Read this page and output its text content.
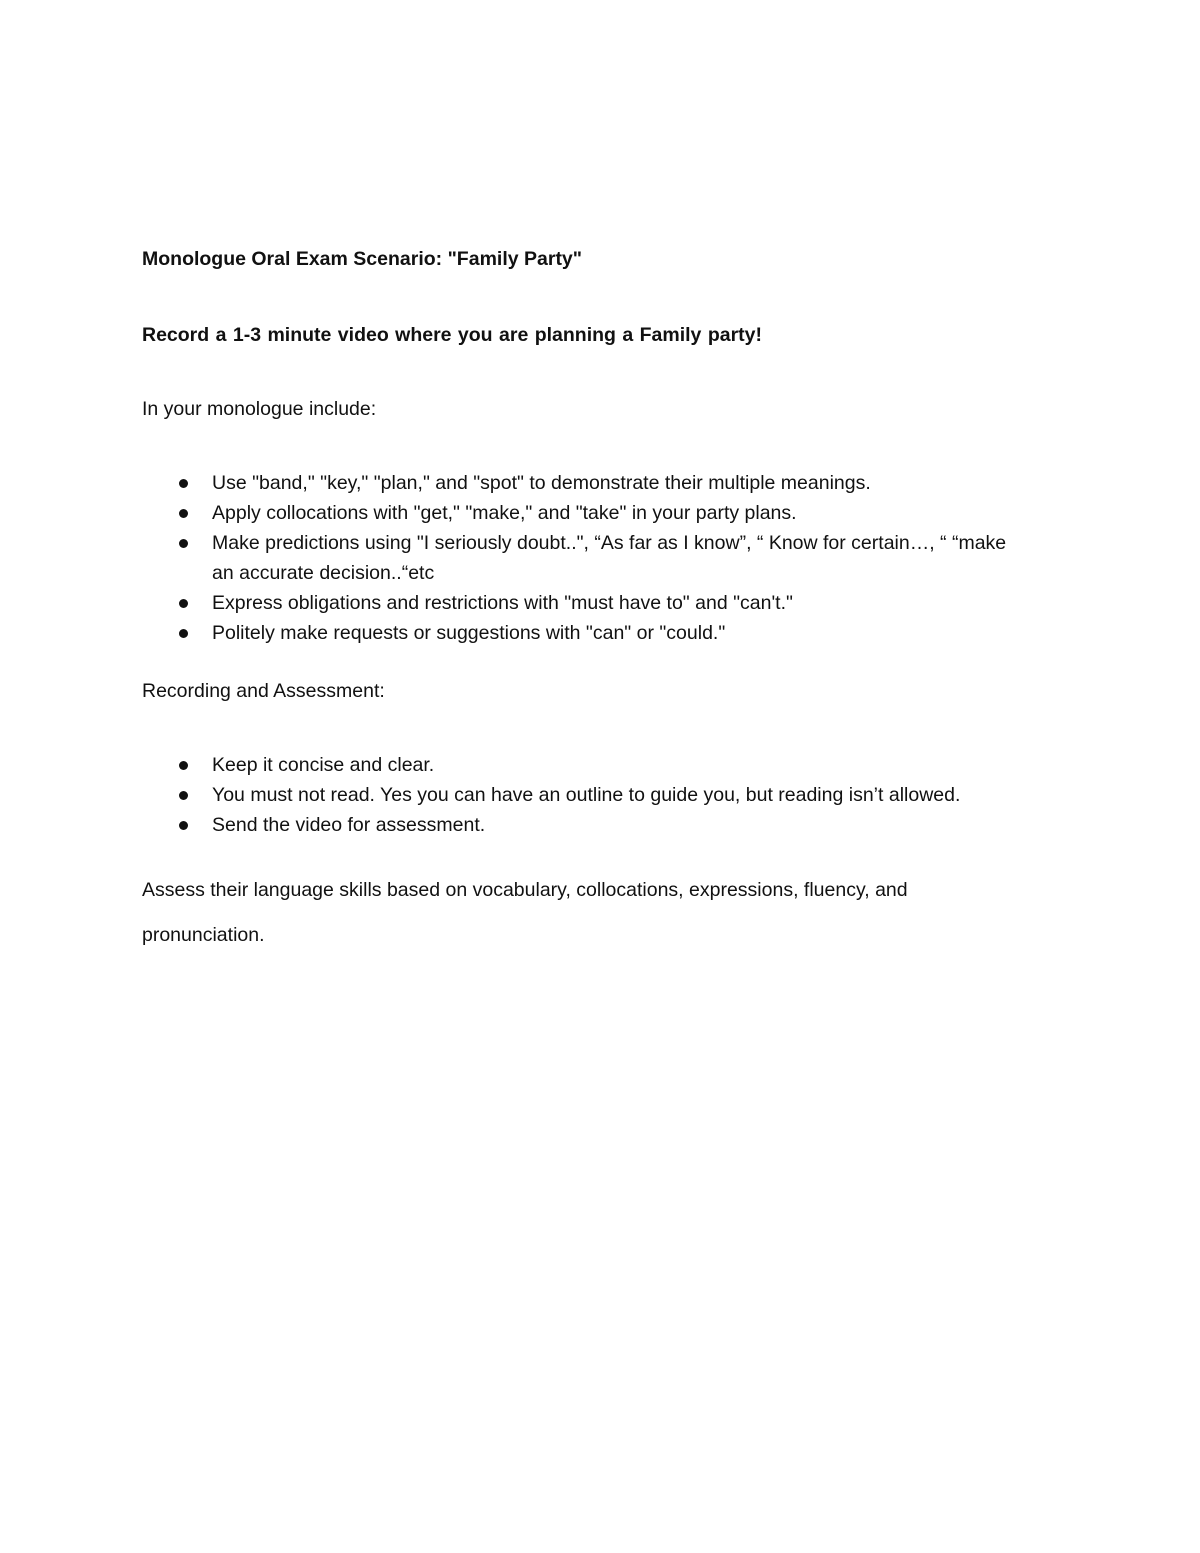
Monologue Oral Exam Scenario: "Family Party"

Record a 1-3 minute video where you are planning a Family party!

In your monologue include:

Use "band," "key," "plan," and "spot" to demonstrate their multiple meanings.
Apply collocations with "get," "make," and "take" in your party plans.
Make predictions using "I seriously doubt..", “As far as I know”, “ Know for certain…, “ “make an accurate decision..“etc
Express obligations and restrictions with "must have to" and "can't."
Politely make requests or suggestions with "can" or "could."

Recording and Assessment:

Keep it concise and clear.
You must not read. Yes you can have an outline to guide you, but reading isn’t allowed.
Send the video for assessment.

Assess their language skills based on vocabulary, collocations, expressions, fluency, and pronunciation.
